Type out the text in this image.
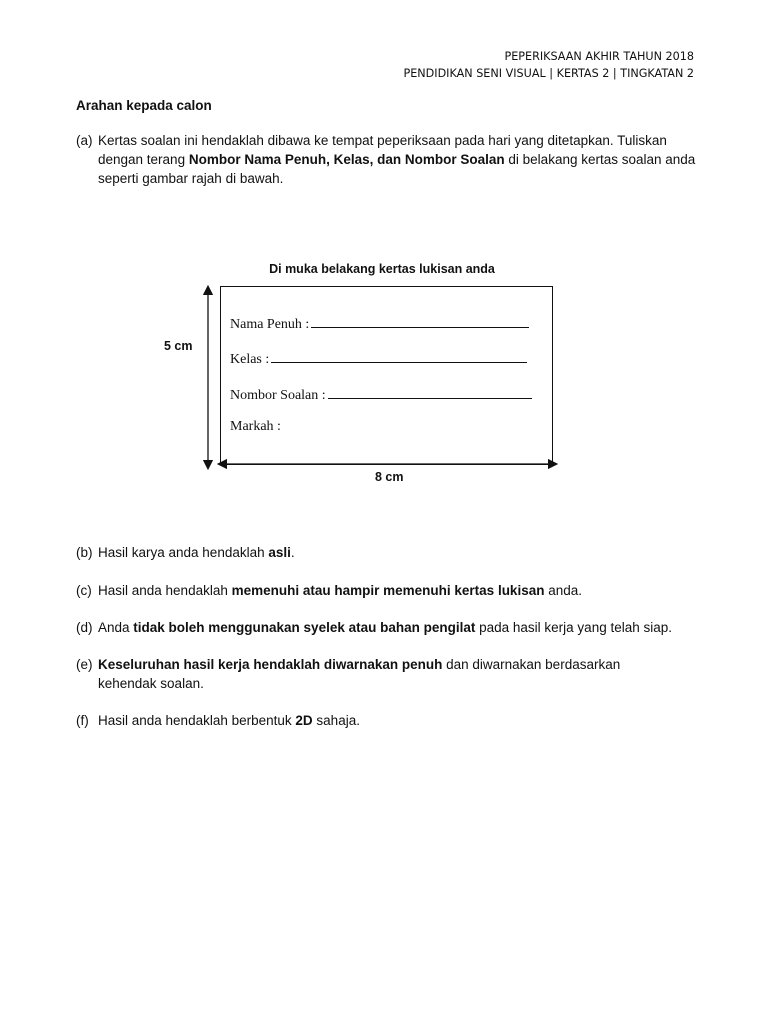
PEPERIKSAAN AKHIR TAHUN 2018
PENDIDIKAN SENI VISUAL | KERTAS 2 | TINGKATAN 2
Arahan kepada calon
(a) Kertas soalan ini hendaklah dibawa ke tempat peperiksaan pada hari yang ditetapkan. Tuliskan dengan terang Nombor Nama Penuh, Kelas, dan Nombor Soalan di belakang kertas soalan anda seperti gambar rajah di bawah.
Di muka belakang kertas lukisan anda
Nama Penuh :
Kelas :
Nombor Soalan :
Markah :
5 cm
8 cm
(b) Hasil karya anda hendaklah asli.
(c) Hasil anda hendaklah memenuhi atau hampir memenuhi kertas lukisan anda.
(d) Anda tidak boleh menggunakan syelek atau bahan pengilat pada hasil kerja yang telah siap.
(e) Keseluruhan hasil kerja hendaklah diwarnakan penuh dan diwarnakan berdasarkan kehendak soalan.
(f) Hasil anda hendaklah berbentuk 2D sahaja.
